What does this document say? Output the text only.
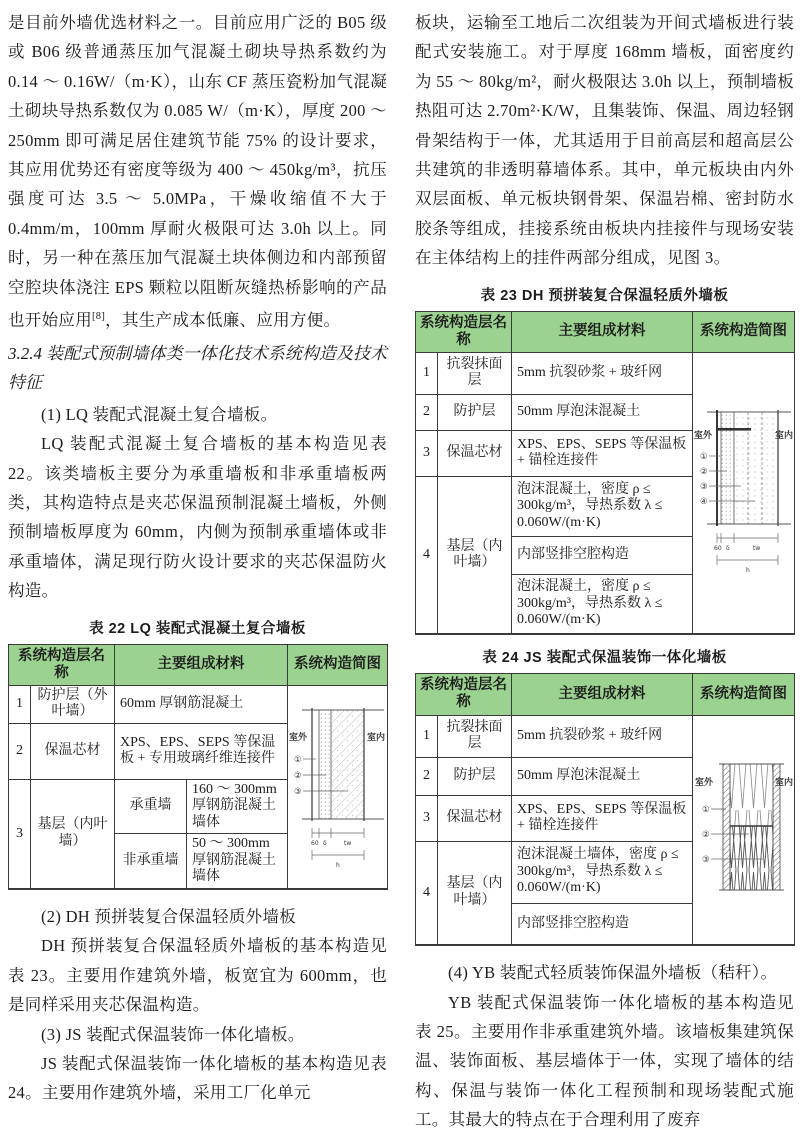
是目前外墙优选材料之一。目前应用广泛的 B05 级或 B06 级普通蒸压加气混凝土砌块导热系数约为 0.14 ～ 0.16W/（m·K），山东 CF 蒸压瓷粉加气混凝土砌块导热系数仅为 0.085 W/（m·K），厚度 200 ～ 250mm 即可满足居住建筑节能 75% 的设计要求，其应用优势还有密度等级为 400 ～ 450kg/m³，抗压强度可达 3.5 ～ 5.0MPa，干燥收缩值不大于 0.4mm/m，100mm 厚耐火极限可达 3.0h 以上。同时，另一种在蒸压加气混凝土块体侧边和内部预留空腔块体浇注 EPS 颗粒以阻断灰缝热桥影响的产品也开始应用[8]，其生产成本低廉、应用方便。

3.2.4 装配式预制墙体类一体化技术系统构造及技术特征

(1) LQ 装配式混凝土复合墙板。

LQ 装配式混凝土复合墙板的基本构造见表 22。该类墙板主要分为承重墙板和非承重墙板两类，其构造特点是夹芯保温预制混凝土墙板，外侧预制墙板厚度为 60mm，内侧为预制承重墙体或非承重墙体，满足现行防火设计要求的夹芯保温防火构造。

表 22 LQ 装配式混凝土复合墙板
系统构造层名称		主要组成材料		系统构造简图
1	防护层（外叶墙）	60mm 厚钢筋混凝土	
室外	室内
①
②
③
60 δ	tw
h

2	保温芯材	XPS、EPS、SEPS 等保温板 + 专用玻璃纤维连接件		
3	基层（内叶墙）	承重墙	160 ～ 300mm 厚钢筋混凝土墙体	
		非承重墙	50 ～ 300mm 厚钢筋混凝土墙体	

(2) DH 预拼装复合保温轻质外墙板

DH 预拼装复合保温轻质外墙板的基本构造见表 23。主要用作建筑外墙，板宽宜为 600mm，也是同样采用夹芯保温构造。

(3) JS 装配式保温装饰一体化墙板。

JS 装配式保温装饰一体化墙板的基本构造见表 24。主要用作建筑外墙，采用工厂化单元

板块，运输至工地后二次组装为开间式墙板进行装配式安装施工。对于厚度 168mm 墙板，面密度约为 55 ～ 80kg/m²，耐火极限达 3.0h 以上，预制墙板热阻可达 2.70m²·K/W，且集装饰、保温、周边轻钢骨架结构于一体，尤其适用于目前高层和超高层公共建筑的非透明幕墙体系。其中，单元板块由内外双层面板、单元板块钢骨架、保温岩棉、密封防水胶条等组成，挂接系统由板块内挂接件与现场安装在主体结构上的挂件两部分组成，见图 3。

表 23 DH 预拼装复合保温轻质外墙板
系统构造层名称		主要组成材料	系统构造简图
1	抗裂抹面层	5mm 抗裂砂浆 + 玻纤网	
室外	室内
①
②
③
④
60 δ	tw
h

2	防护层	50mm 厚泡沫混凝土	
3	保温芯材	XPS、EPS、SEPS 等保温板 + 锚栓连接件	
4	基层（内叶墙）	泡沫混凝土，密度 ρ ≤ 300kg/m³，导热系数 λ ≤ 0.060W/(m·K)	
		内部竖排空腔构造	
		泡沫混凝土，密度 ρ ≤ 300kg/m³，导热系数 λ ≤ 0.060W/(m·K)	
表 24 JS 装配式保温装饰一体化墙板
系统构造层名称		主要组成材料	系统构造简图
1	抗裂抹面层	5mm 抗裂砂浆 + 玻纤网	室外 室内
①
②
③

2	防护层	50mm 厚泡沫混凝土	
3	保温芯材	XPS、EPS、SEPS 等保温板 + 锚栓连接件	
4	基层（内叶墙）	泡沫混凝土墙体，密度 ρ ≤ 300kg/m³，导热系数 λ ≤ 0.060W/(m·K)	
		内部竖排空腔构造	

(4) YB 装配式轻质装饰保温外墙板（秸秆）。

YB 装配式保温装饰一体化墙板的基本构造见表 25。主要用作非承重建筑外墙。该墙板集建筑保温、装饰面板、基层墙体于一体，实现了墙体的结构、保温与装饰一体化工程预制和现场装配式施工。其最大的特点在于合理利用了废弃
